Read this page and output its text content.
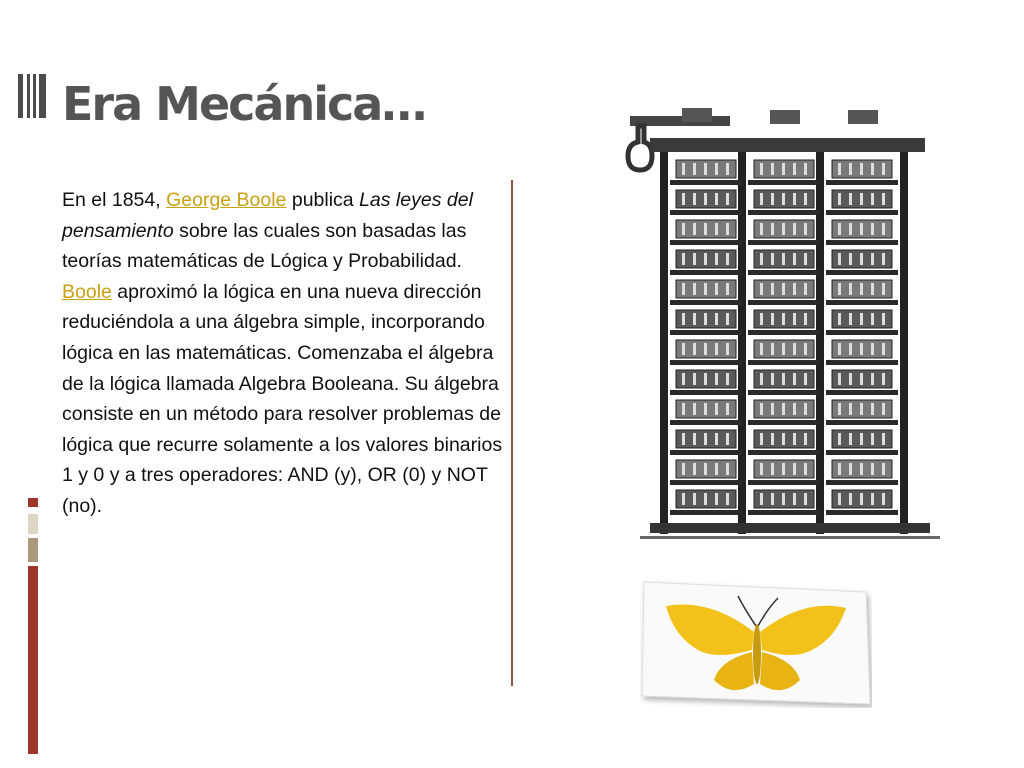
Era Mecánica…

En el 1854, George Boole publica Las leyes del pensamiento sobre las cuales son basadas las teorías matemáticas de Lógica y Probabilidad. Boole aproximó la lógica en una nueva dirección reduciéndola a una álgebra simple, incorporando lógica en las matemáticas. Comenzaba el álgebra de la lógica llamada Algebra Booleana. Su álgebra consiste en un método para resolver problemas de lógica que recurre solamente a los valores binarios 1 y 0 y a tres operadores: AND (y), OR (0) y NOT (no).
